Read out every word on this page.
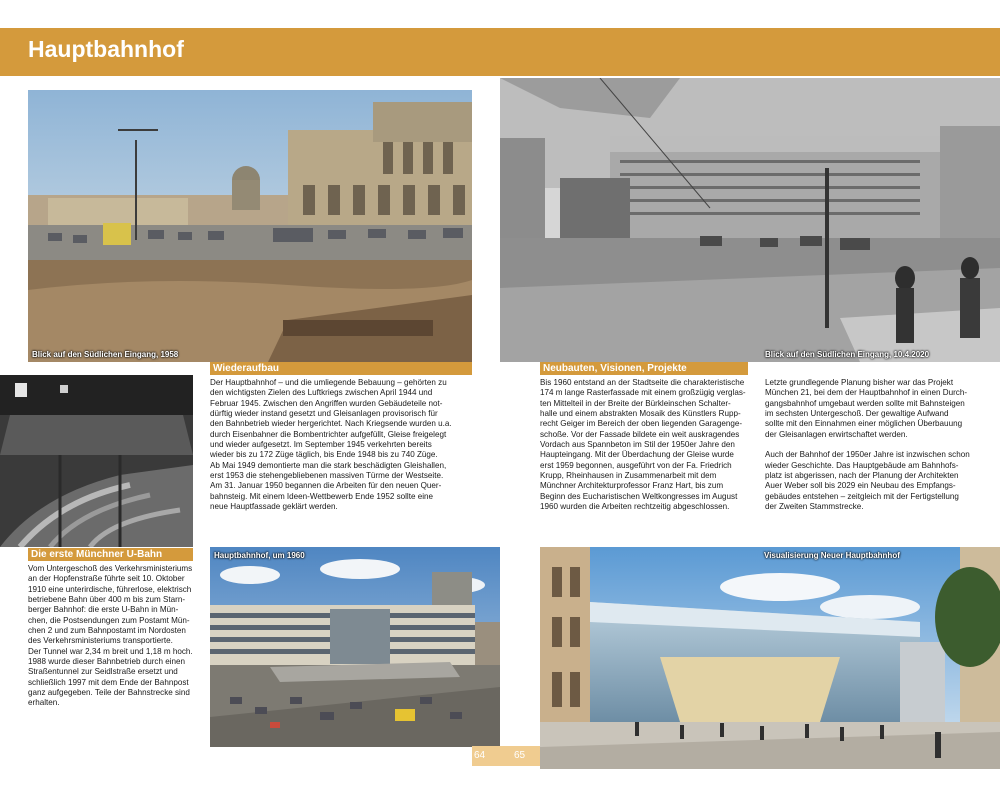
Hauptbahnhof
Blick auf den Südlichen Eingang, 1958	Blick auf den Südlichen Eingang, 10.4.2020
Wiederaufbau

Der Hauptbahnhof – und die umliegende Bebauung – gehörten zu

den wichtigsten Zielen des Luftkriegs zwischen April 1944 und

Februar 1945. Zwischen den Angriffen wurden Gebäudeteile not-

dürftig wieder instand gesetzt und Gleisanlagen provisorisch für

den Bahnbetrieb wieder hergerichtet. Nach Kriegsende wurden u.a.

durch Eisenbahner die Bombentrichter aufgefüllt, Gleise freigelegt

und wieder aufgesetzt. Im September 1945 verkehrten bereits

wieder bis zu 172 Züge täglich, bis Ende 1948 bis zu 740 Züge.

Ab Mai 1949 demontierte man die stark beschädigten Gleishallen,

erst 1953 die stehengebliebenen massiven Türme der Westseite.

Am 31. Januar 1950 begannen die Arbeiten für den neuen Quer-

bahnsteig. Mit einem Ideen-Wettbewerb Ende 1952 sollte eine

neue Hauptfassade geklärt werden.

Die erste Münchner U-Bahn

Vom Untergeschoß des Verkehrsministeriums

an der Hopfenstraße führte seit 10. Oktober

1910 eine unterirdische, führerlose, elektrisch

betriebene Bahn über 400 m bis zum Starn-

berger Bahnhof: die erste U-Bahn in Mün-

chen, die Postsendungen zum Postamt Mün-

chen 2 und zum Bahnpostamt im Nordosten

des Verkehrsministeriums transportierte.

Der Tunnel war 2,34 m breit und 1,18 m hoch.

1988 wurde dieser Bahnbetrieb durch einen

Straßentunnel zur Seidlstraße ersetzt und

schließlich 1997 mit dem Ende der Bahnpost

ganz aufgegeben. Teile der Bahnstrecke sind

erhalten.

Hauptbahnhof, um 1960
64	65
Neubauten, Visionen, Projekte

Bis 1960 entstand an der Stadtseite die charakteristische

174 m lange Rasterfassade mit einem großzügig verglas-

ten Mittelteil in der Breite der Bürkleinschen Schalter-

halle und einem abstrakten Mosaik des Künstlers Rupp-

recht Geiger im Bereich der oben liegenden Garagenge-

schoße. Vor der Fassade bildete ein weit auskragendes

Vordach aus Spannbeton im Stil der 1950er Jahre den

Haupteingang. Mit der Überdachung der Gleise wurde

erst 1959 begonnen, ausgeführt von der Fa. Friedrich

Krupp, Rheinhausen in Zusammenarbeit mit dem

Münchner Architekturprofessor Franz Hart, bis zum

Beginn des Eucharistischen Weltkongresses im August

1960 wurden die Arbeiten rechtzeitig abgeschlossen.

Letzte grundlegende Planung bisher war das Projekt

München 21, bei dem der Hauptbahnhof in einen Durch-

gangsbahnhof umgebaut werden sollte mit Bahnsteigen

im sechsten Untergeschoß. Der gewaltige Aufwand

sollte mit den Einnahmen einer möglichen Überbauung

der Gleisanlagen erwirtschaftet werden.

Auch der Bahnhof der 1950er Jahre ist inzwischen schon

wieder Geschichte. Das Hauptgebäude am Bahnhofs-

platz ist abgerissen, nach der Planung der Architekten

Auer Weber soll bis 2029 ein Neubau des Empfangs-

gebäudes entstehen – zeitgleich mit der Fertigstellung

der Zweiten Stammstrecke.

Visualisierung Neuer Hauptbahnhof
